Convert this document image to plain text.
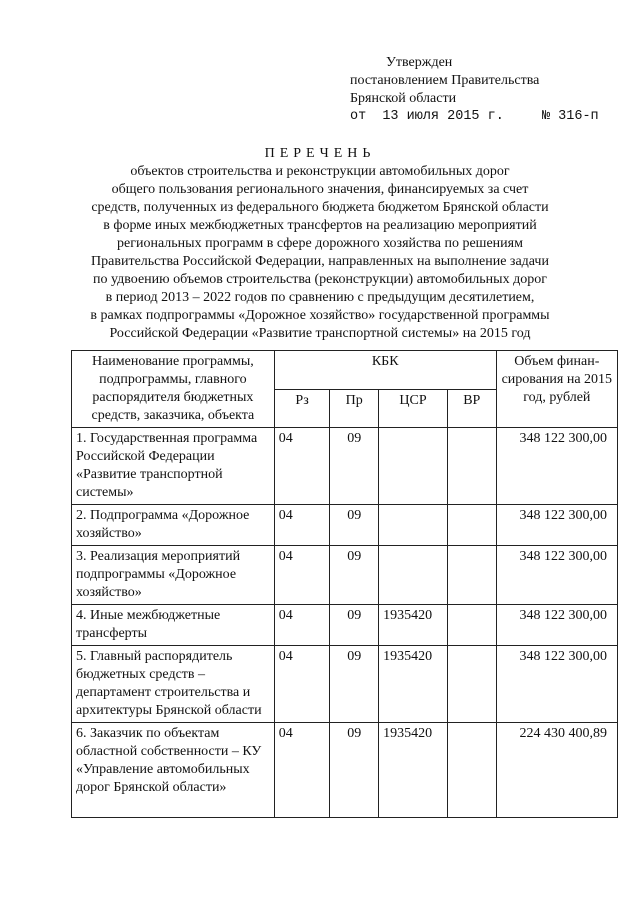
Утвержден
постановлением Правительства
Брянской области
от 13 июля 2015 г.	№ 316-п
ПЕРЕЧЕНЬ
объектов строительства и реконструкции автомобильных дорог
общего пользования регионального значения, финансируемых за счет
средств, полученных из федерального бюджета бюджетом Брянской области
в форме иных межбюджетных трансфертов на реализацию мероприятий
региональных программ в сфере дорожного хозяйства по решениям
Правительства Российской Федерации, направленных на выполнение задачи
по удвоению объемов строительства (реконструкции) автомобильных дорог
в период 2013 – 2022 годов по сравнению с предыдущим десятилетием,
в рамках подпрограммы «Дорожное хозяйство» государственной программы
Российской Федерации «Развитие транспортной системы» на 2015 год
Наименование программы, подпрограммы, главного распорядителя бюджетных средств, заказчика, объекта	КБК				Объем финан-сирования на 2015 год, рублей
	Рз	Пр	ЦСР	ВР	
1. Государственная программа Российской Федерации «Развитие транспортной системы»	04	09			348 122 300,00
2. Подпрограмма «Дорожное хозяйство»	04	09			348 122 300,00
3. Реализация мероприятий подпрограммы «Дорожное хозяйство»	04	09			348 122 300,00
4. Иные межбюджетные трансферты	04	09	1935420		348 122 300,00
5. Главный распорядитель бюджетных средств – департамент строительства и архитектуры Брянской области	04	09	1935420		348 122 300,00
6. Заказчик по объектам областной собственности – КУ «Управление автомобильных дорог Брянской области»	04	09	1935420		224 430 400,89
